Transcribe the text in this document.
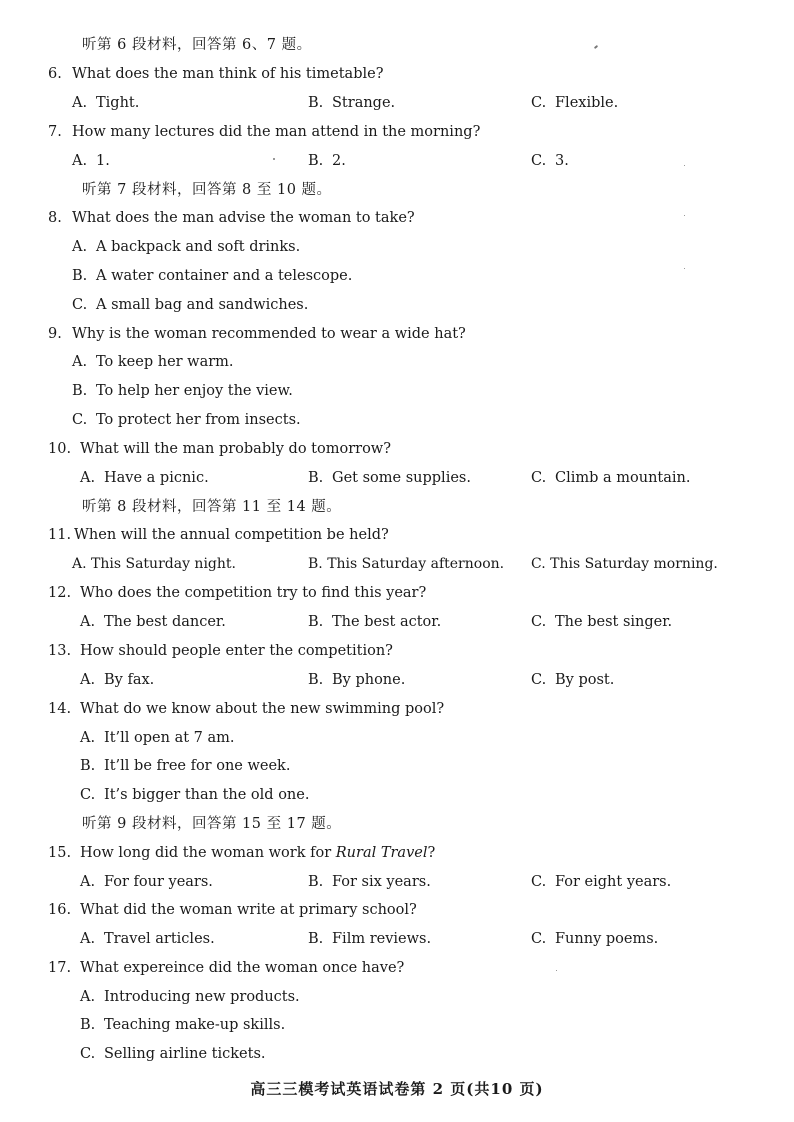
听第 6 段材料，回答第 6、7 题。
6. What does the man think of his timetable?
A. Tight.	B. Strange.	C. Flexible.
7. How many lectures did the man attend in the morning?
A. 1.	B. 2.	C. 3.
听第 7 段材料，回答第 8 至 10 题。
8. What does the man advise the woman to take?
A. A backpack and soft drinks.
B. A water container and a telescope.
C. A small bag and sandwiches.
9. Why is the woman recommended to wear a wide hat?
A. To keep her warm.
B. To help her enjoy the view.
C. To protect her from insects.
10. What will the man probably do tomorrow?
A. Have a picnic.	B. Get some supplies.	C. Climb a mountain.
听第 8 段材料，回答第 11 至 14 题。
11. When will the annual competition be held?
A. This Saturday night.	B. This Saturday afternoon. C. This Saturday morning.
12. Who does the competition try to find this year?
A. The best dancer.	B. The best actor.	C. The best singer.
13. How should people enter the competition?
A. By fax.	B. By phone.	C. By post.
14. What do we know about the new swimming pool?
A. It’ll open at 7 am.
B. It’ll be free for one week.
C. It’s bigger than the old one.
听第 9 段材料，回答第 15 至 17 题。
15. How long did the woman work for Rural Travel?
A. For four years.	B. For six years.	C. For eight years.
16. What did the woman write at primary school?
A. Travel articles.	B. Film reviews.	C. Funny poems.
17. What expereince did the woman once have?
A. Introducing new products.
B. Teaching make-up skills.
C. Selling airline tickets.
高三三模考试英语试卷第 2 页(共10 页)
